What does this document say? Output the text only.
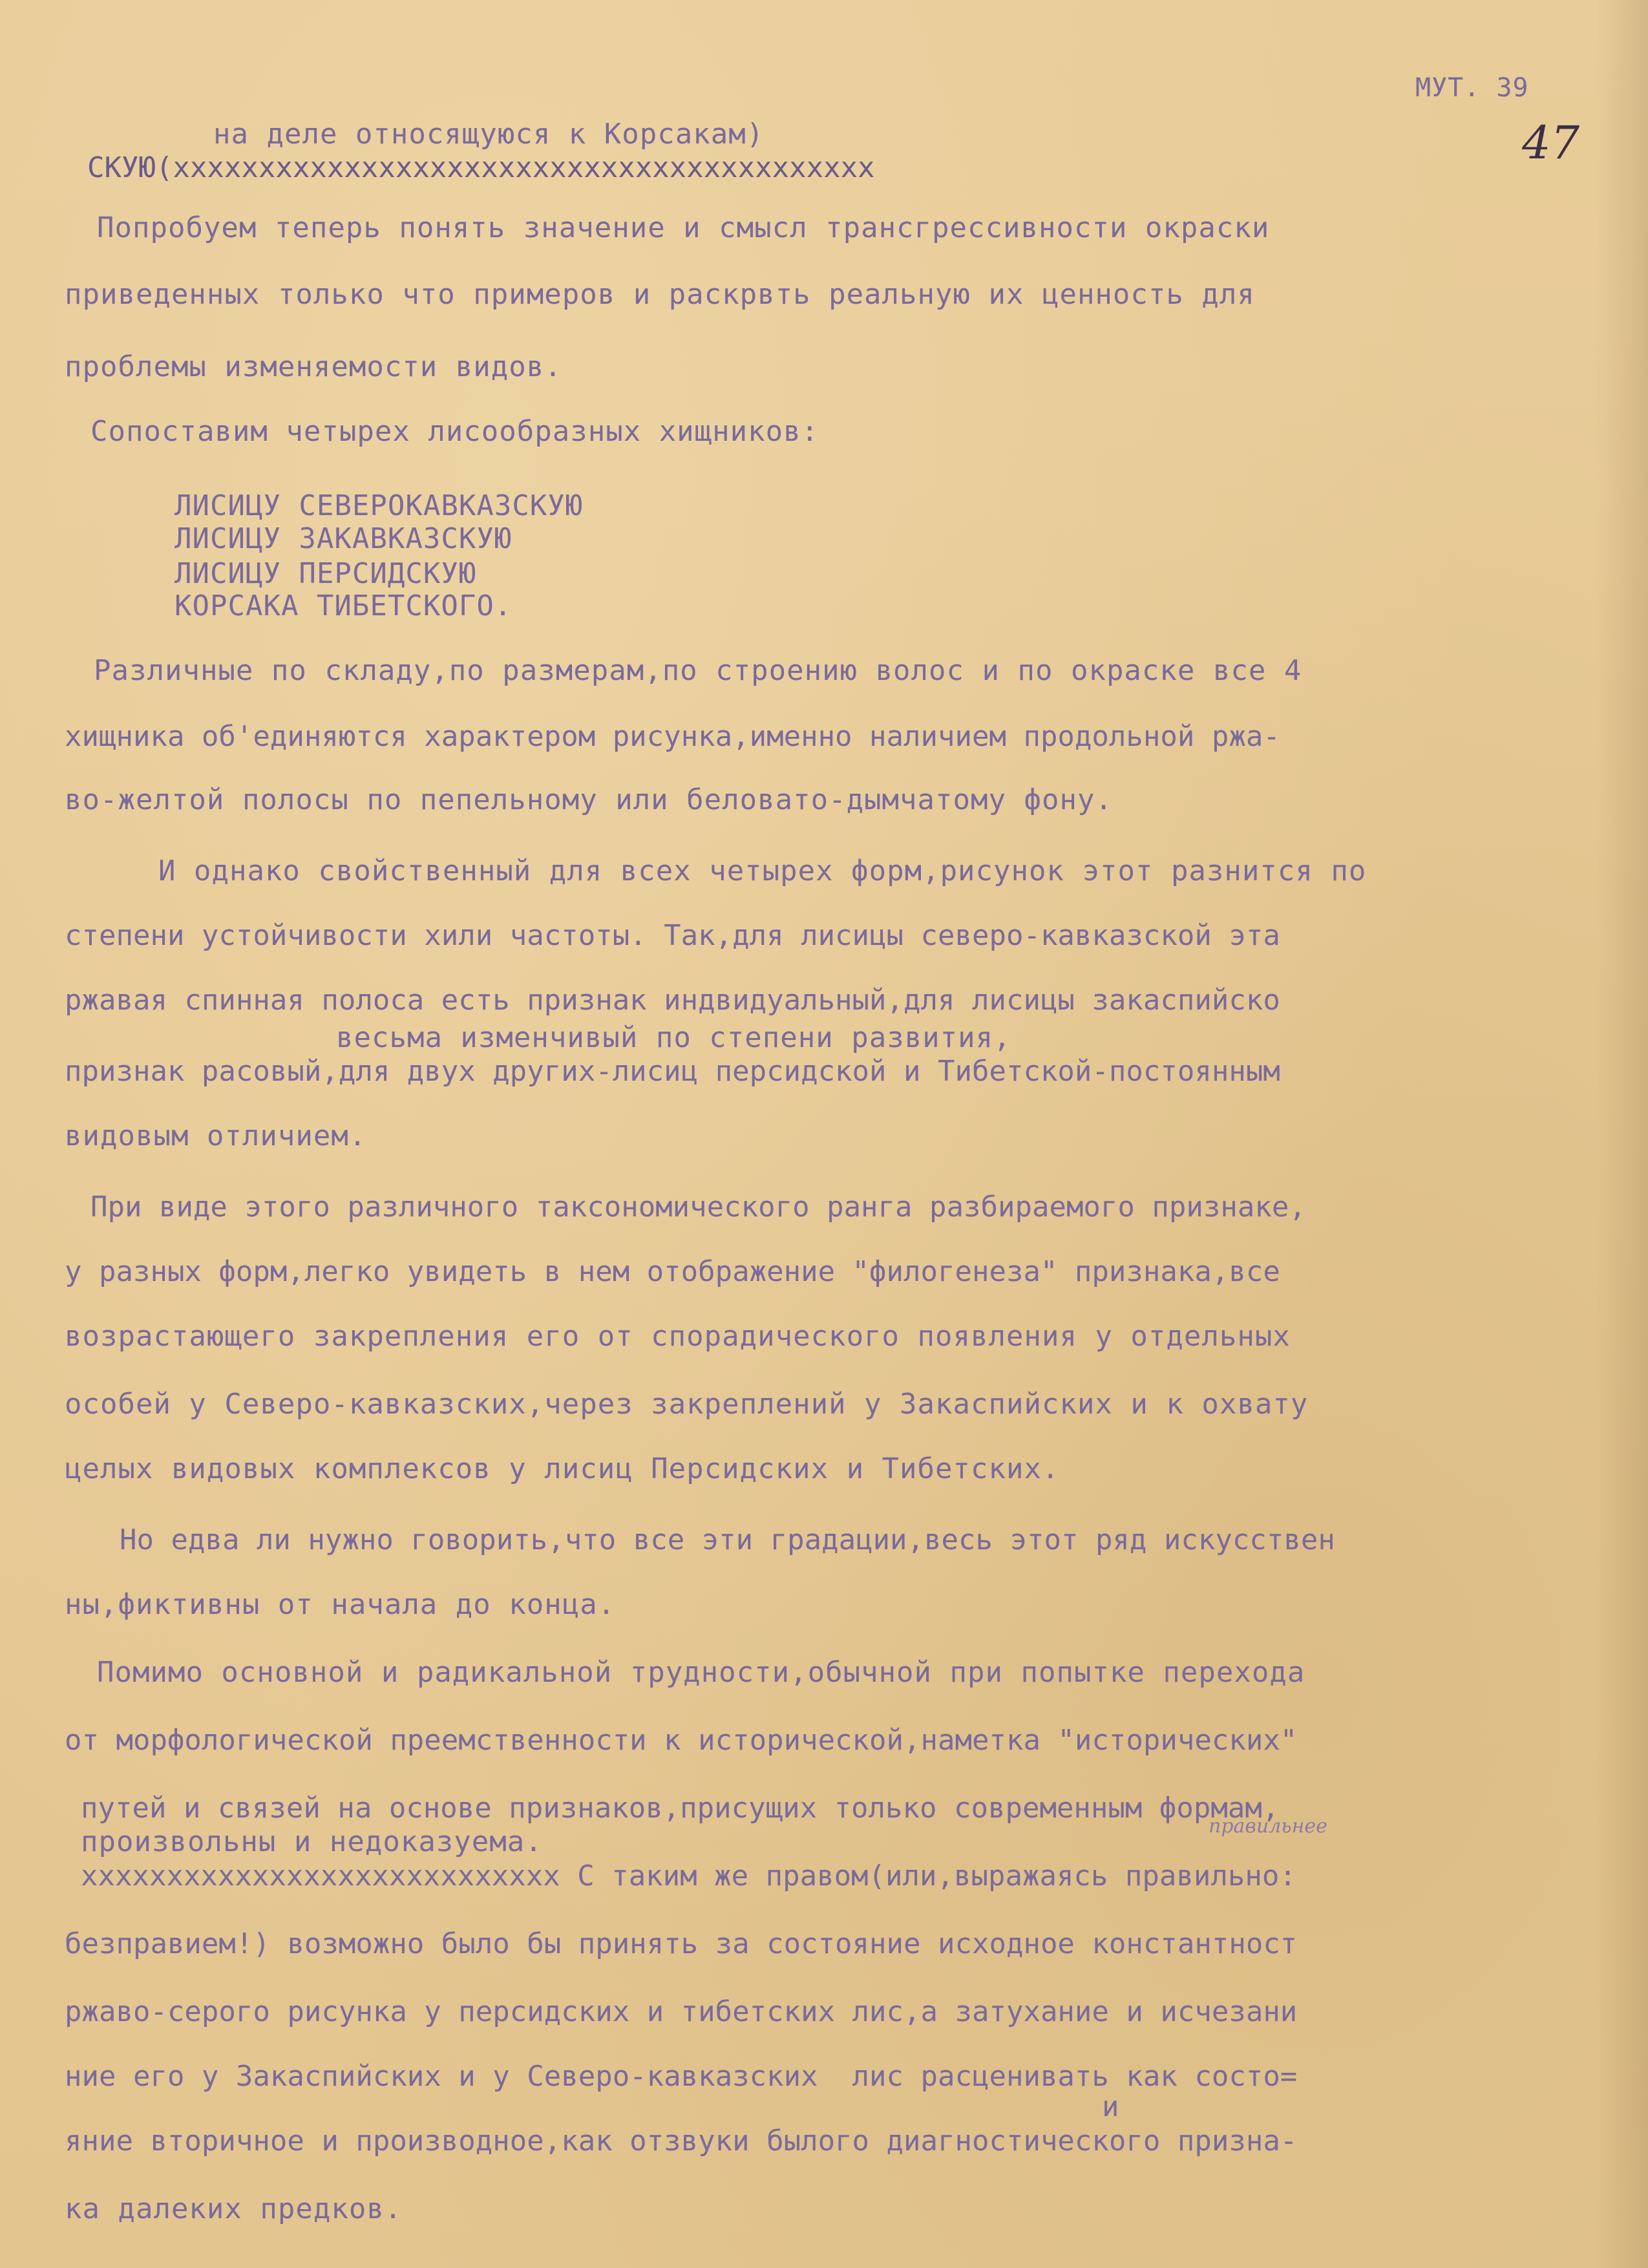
МУТ. 39
47
на деле относящуюся к Корсакам)
СКУЮ(xxxxxxxxxxxxxxxxxxxxxxxxxxxxxxxxxxxxxxxxx
Попробуем теперь понять значение и смысл трансгрессивности окраски
приведенных только что примеров и раскрвть реальную их ценность для
проблемы изменяемости видов.
Сопоставим четырех лисообразных хищников:
ЛИСИЦУ СЕВЕРОКАВКАЗСКУЮ
ЛИСИЦУ ЗАКАВКАЗСКУЮ
ЛИСИЦУ ПЕРСИДСКУЮ
КОРСАКА ТИБЕТСКОГО.
Различные по складу,по размерам,по строению волос и по окраске все 4
хищника об'единяются характером рисунка,именно наличием продольной ржа-
во-желтой полосы по пепельному или беловато-дымчатому фону.
И однако свойственный для всех четырех форм,рисунок этот разнится по
степени устойчивости xили частоты. Так,для лисицы северо-кавказской эта
ржавая спинная полоса есть признак индвидуальный,для лисицы закаспийско
весьма изменчивый по степени развития,
признак расовый,для двух других-лисиц персидской и Тибетской-постоянным
видовым отличием.
При виде этого различного таксономического ранга разбираемого признаке,
у разных форм,легко увидеть в нем отображение "филогенеза" признака,все
возрастающего закрепления его от спорадического появления у отдельных
особей у Северо-кавказских,через закреплений у Закаспийских и к охвату
целых видовых комплексов у лисиц Персидских и Тибетских.
Но едва ли нужно говорить,что все эти градации,весь этот ряд искусствен
ны,фиктивны от начала до конца.
Помимо основной и радикальной трудности,обычной при попытке перехода
от морфологической преемственности к исторической,наметка "исторических"
путей и связей на основе признаков,присущих только современным формам,
произвольны и недоказуема.	правильнее
xxxxxxxxxxxxxxxxxxxxxxxxxxxx С таким же правом(или,выражаясь правильно:
безправием!) возможно было бы принять за состояние исходное константност
ржаво-серого рисунка у персидских и тибетских лис,а затухание и исчезани
ние его у Закаспийских и у Северо-кавказских  лис расценивать как состо=
и
яние вторичное и производное,как отзвуки былого диагностического призна-
ка далеких предков.
